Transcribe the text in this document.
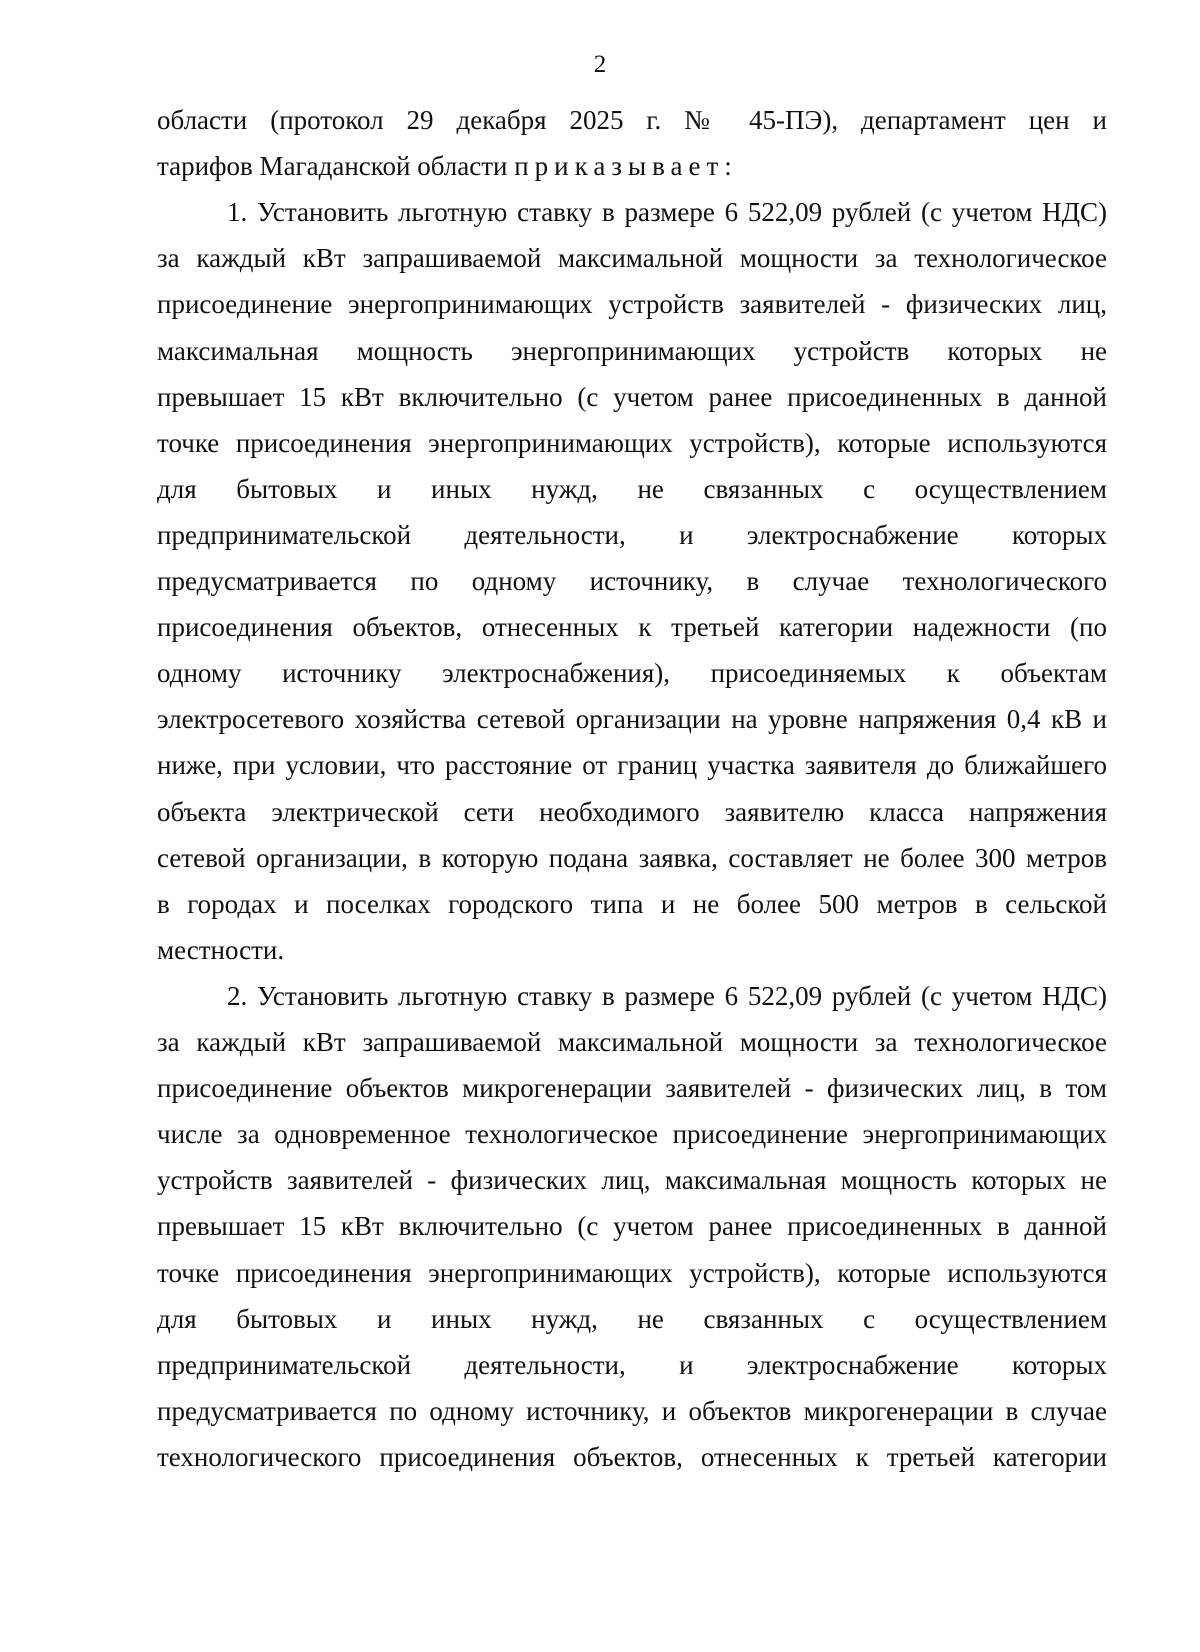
2
области (протокол 29 декабря 2025 г. № 45-ПЭ), департамент цен и
тарифов Магаданской области приказывает:
1. Установить льготную ставку в размере 6 522,09 рублей (с учетом НДС)
за каждый кВт запрашиваемой максимальной мощности за технологическое
присоединение энергопринимающих устройств заявителей - физических лиц,
максимальная мощность энергопринимающих устройств которых не
превышает 15 кВт включительно (с учетом ранее присоединенных в данной
точке присоединения энергопринимающих устройств), которые используются
для бытовых и иных нужд, не связанных с осуществлением
предпринимательской деятельности, и электроснабжение которых
предусматривается по одному источнику, в случае технологического
присоединения объектов, отнесенных к третьей категории надежности (по
одному источнику электроснабжения), присоединяемых к объектам
электросетевого хозяйства сетевой организации на уровне напряжения 0,4 кВ и
ниже, при условии, что расстояние от границ участка заявителя до ближайшего
объекта электрической сети необходимого заявителю класса напряжения
сетевой организации, в которую подана заявка, составляет не более 300 метров
в городах и поселках городского типа и не более 500 метров в сельской
местности.
2. Установить льготную ставку в размере 6 522,09 рублей (с учетом НДС)
за каждый кВт запрашиваемой максимальной мощности за технологическое
присоединение объектов микрогенерации заявителей - физических лиц, в том
числе за одновременное технологическое присоединение энергопринимающих
устройств заявителей - физических лиц, максимальная мощность которых не
превышает 15 кВт включительно (с учетом ранее присоединенных в данной
точке присоединения энергопринимающих устройств), которые используются
для бытовых и иных нужд, не связанных с осуществлением
предпринимательской деятельности, и электроснабжение которых
предусматривается по одному источнику, и объектов микрогенерации в случае
технологического присоединения объектов, отнесенных к третьей категории
